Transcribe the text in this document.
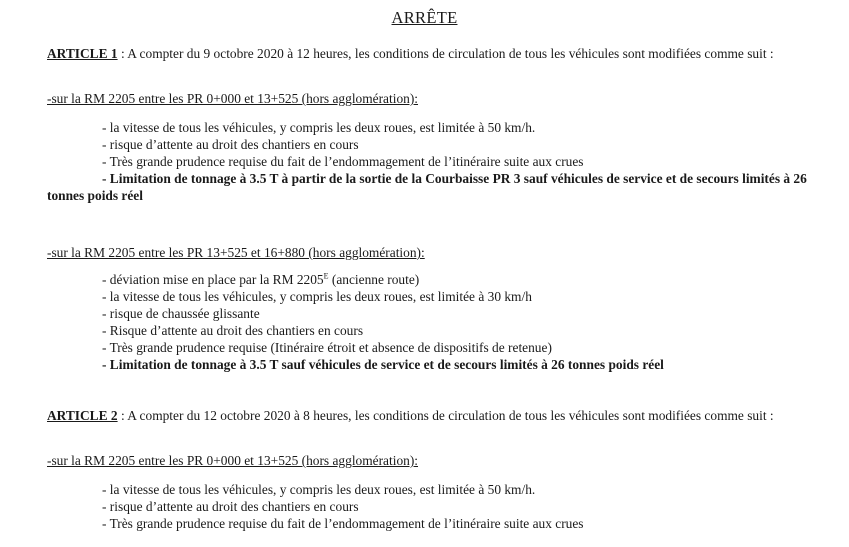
ARRÊTE
ARTICLE 1 : A compter du 9 octobre 2020 à 12 heures, les conditions de circulation de tous les véhicules sont modifiées comme suit :
-sur la RM 2205 entre les PR 0+000 et 13+525 (hors agglomération):
- la vitesse de tous les véhicules, y compris les deux roues, est limitée à 50 km/h.
- risque d’attente au droit des chantiers en cours
- Très grande prudence requise du fait de l’endommagement de l’itinéraire suite aux crues
- Limitation de tonnage à 3.5 T à partir de la sortie de la Courbaisse PR 3 sauf véhicules de service et de secours limités à 26 tonnes poids réel
-sur la RM 2205 entre les PR 13+525 et 16+880 (hors agglomération):
- déviation mise en place par la RM $2205^E$ (ancienne route)
- la vitesse de tous les véhicules, y compris les deux roues, est limitée à 30 km/h
- risque de chaussée glissante
- Risque d’attente au droit des chantiers en cours
- Très grande prudence requise (Itinéraire étroit et absence de dispositifs de retenue)
- Limitation de tonnage à 3.5 T sauf véhicules de service et de secours limités à 26 tonnes poids réel
ARTICLE 2 : A compter du 12 octobre 2020 à 8 heures, les conditions de circulation de tous les véhicules sont modifiées comme suit :
-sur la RM 2205 entre les PR 0+000 et 13+525 (hors agglomération):
- la vitesse de tous les véhicules, y compris les deux roues, est limitée à 50 km/h.
- risque d’attente au droit des chantiers en cours
- Très grande prudence requise du fait de l’endommagement de l’itinéraire suite aux crues
